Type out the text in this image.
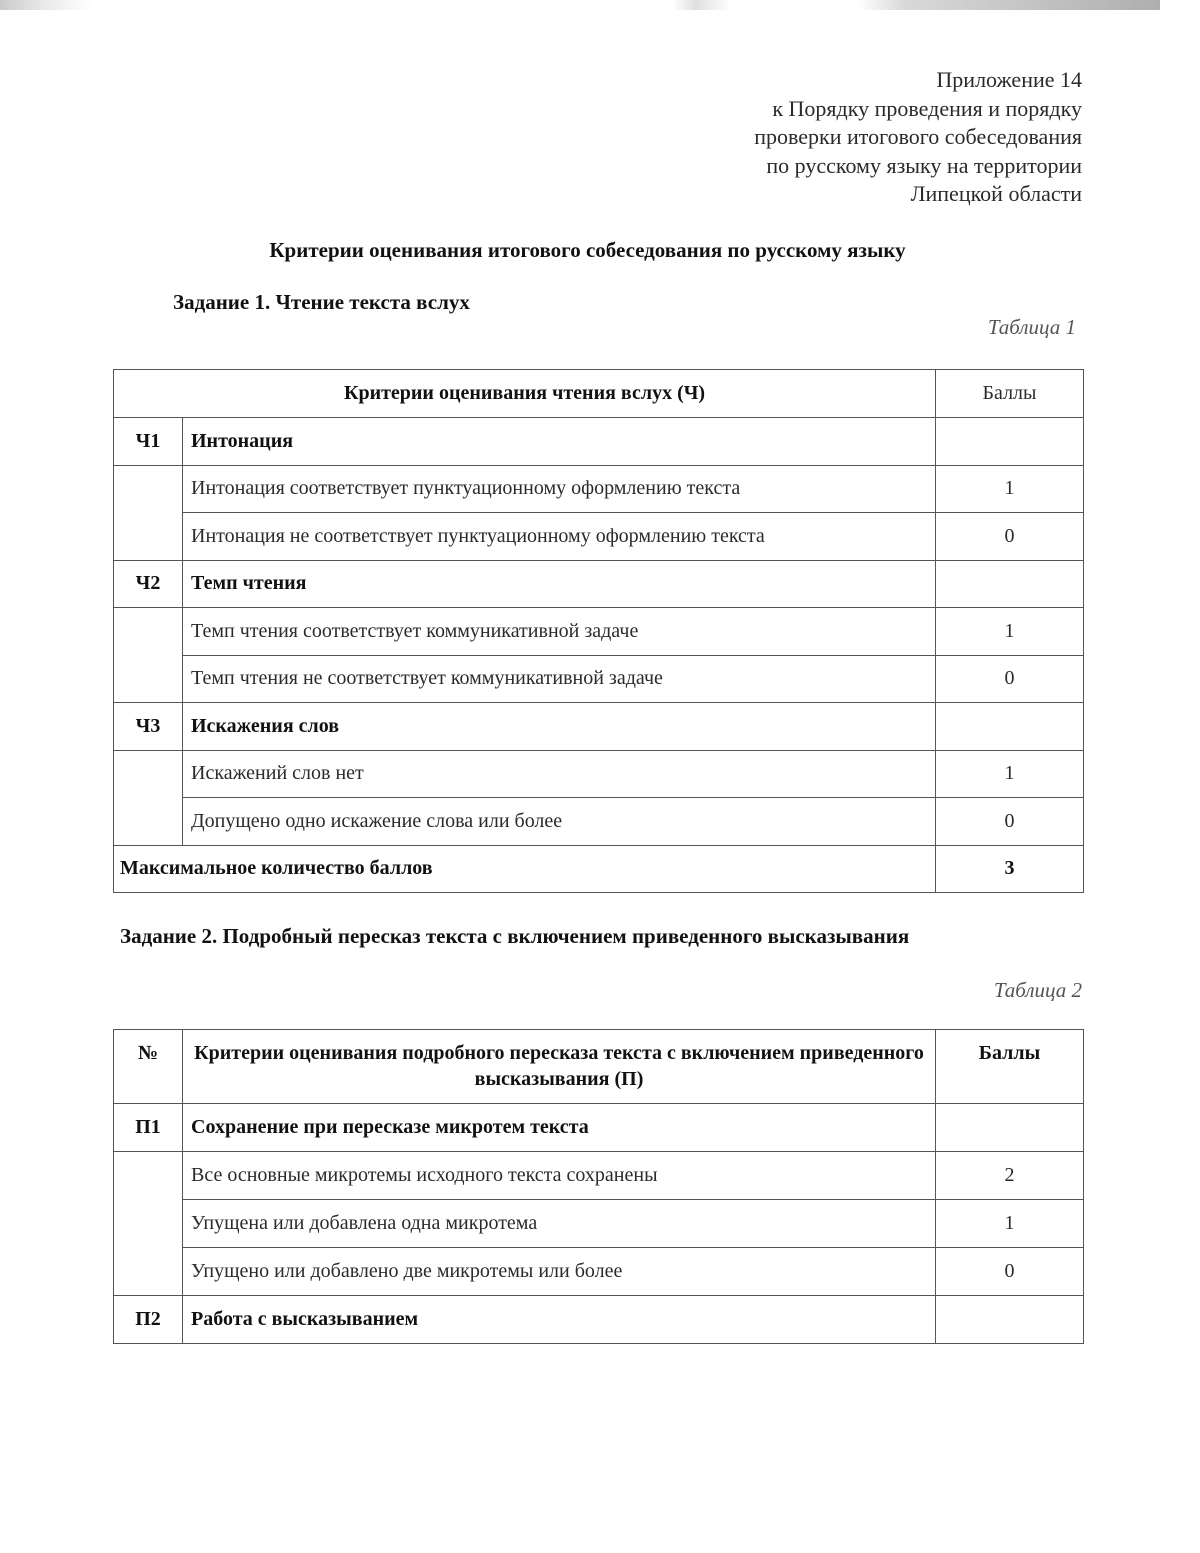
Приложение 14
к Порядку проведения и порядку
проверки итогового собеседования
по русскому языку на территории
Липецкой области
Критерии оценивания итогового собеседования по русскому языку
Задание 1. Чтение текста вслух
Таблица 1
Критерии оценивания чтения вслух (Ч)		Баллы
Ч1	Интонация	
	Интонация соответствует пунктуационному оформлению текста	1
	Интонация не соответствует пунктуационному оформлению текста	0
Ч2	Темп чтения	
	Темп чтения соответствует коммуникативной задаче	1
	Темп чтения не соответствует коммуникативной задаче	0
Ч3	Искажения слов	
	Искажений слов нет	1
	Допущено одно искажение слова или более	0
Максимальное количество баллов		3
Задание 2. Подробный пересказ текста с включением приведенного высказывания
Таблица 2
№	Критерии оценивания подробного пересказа текста с включением приведенного высказывания (П)	Баллы
П1	Сохранение при пересказе микротем текста	
	Все основные микротемы исходного текста сохранены	2
	Упущена или добавлена одна микротема	1
	Упущено или добавлено две микротемы или более	0
П2	Работа с высказыванием	
